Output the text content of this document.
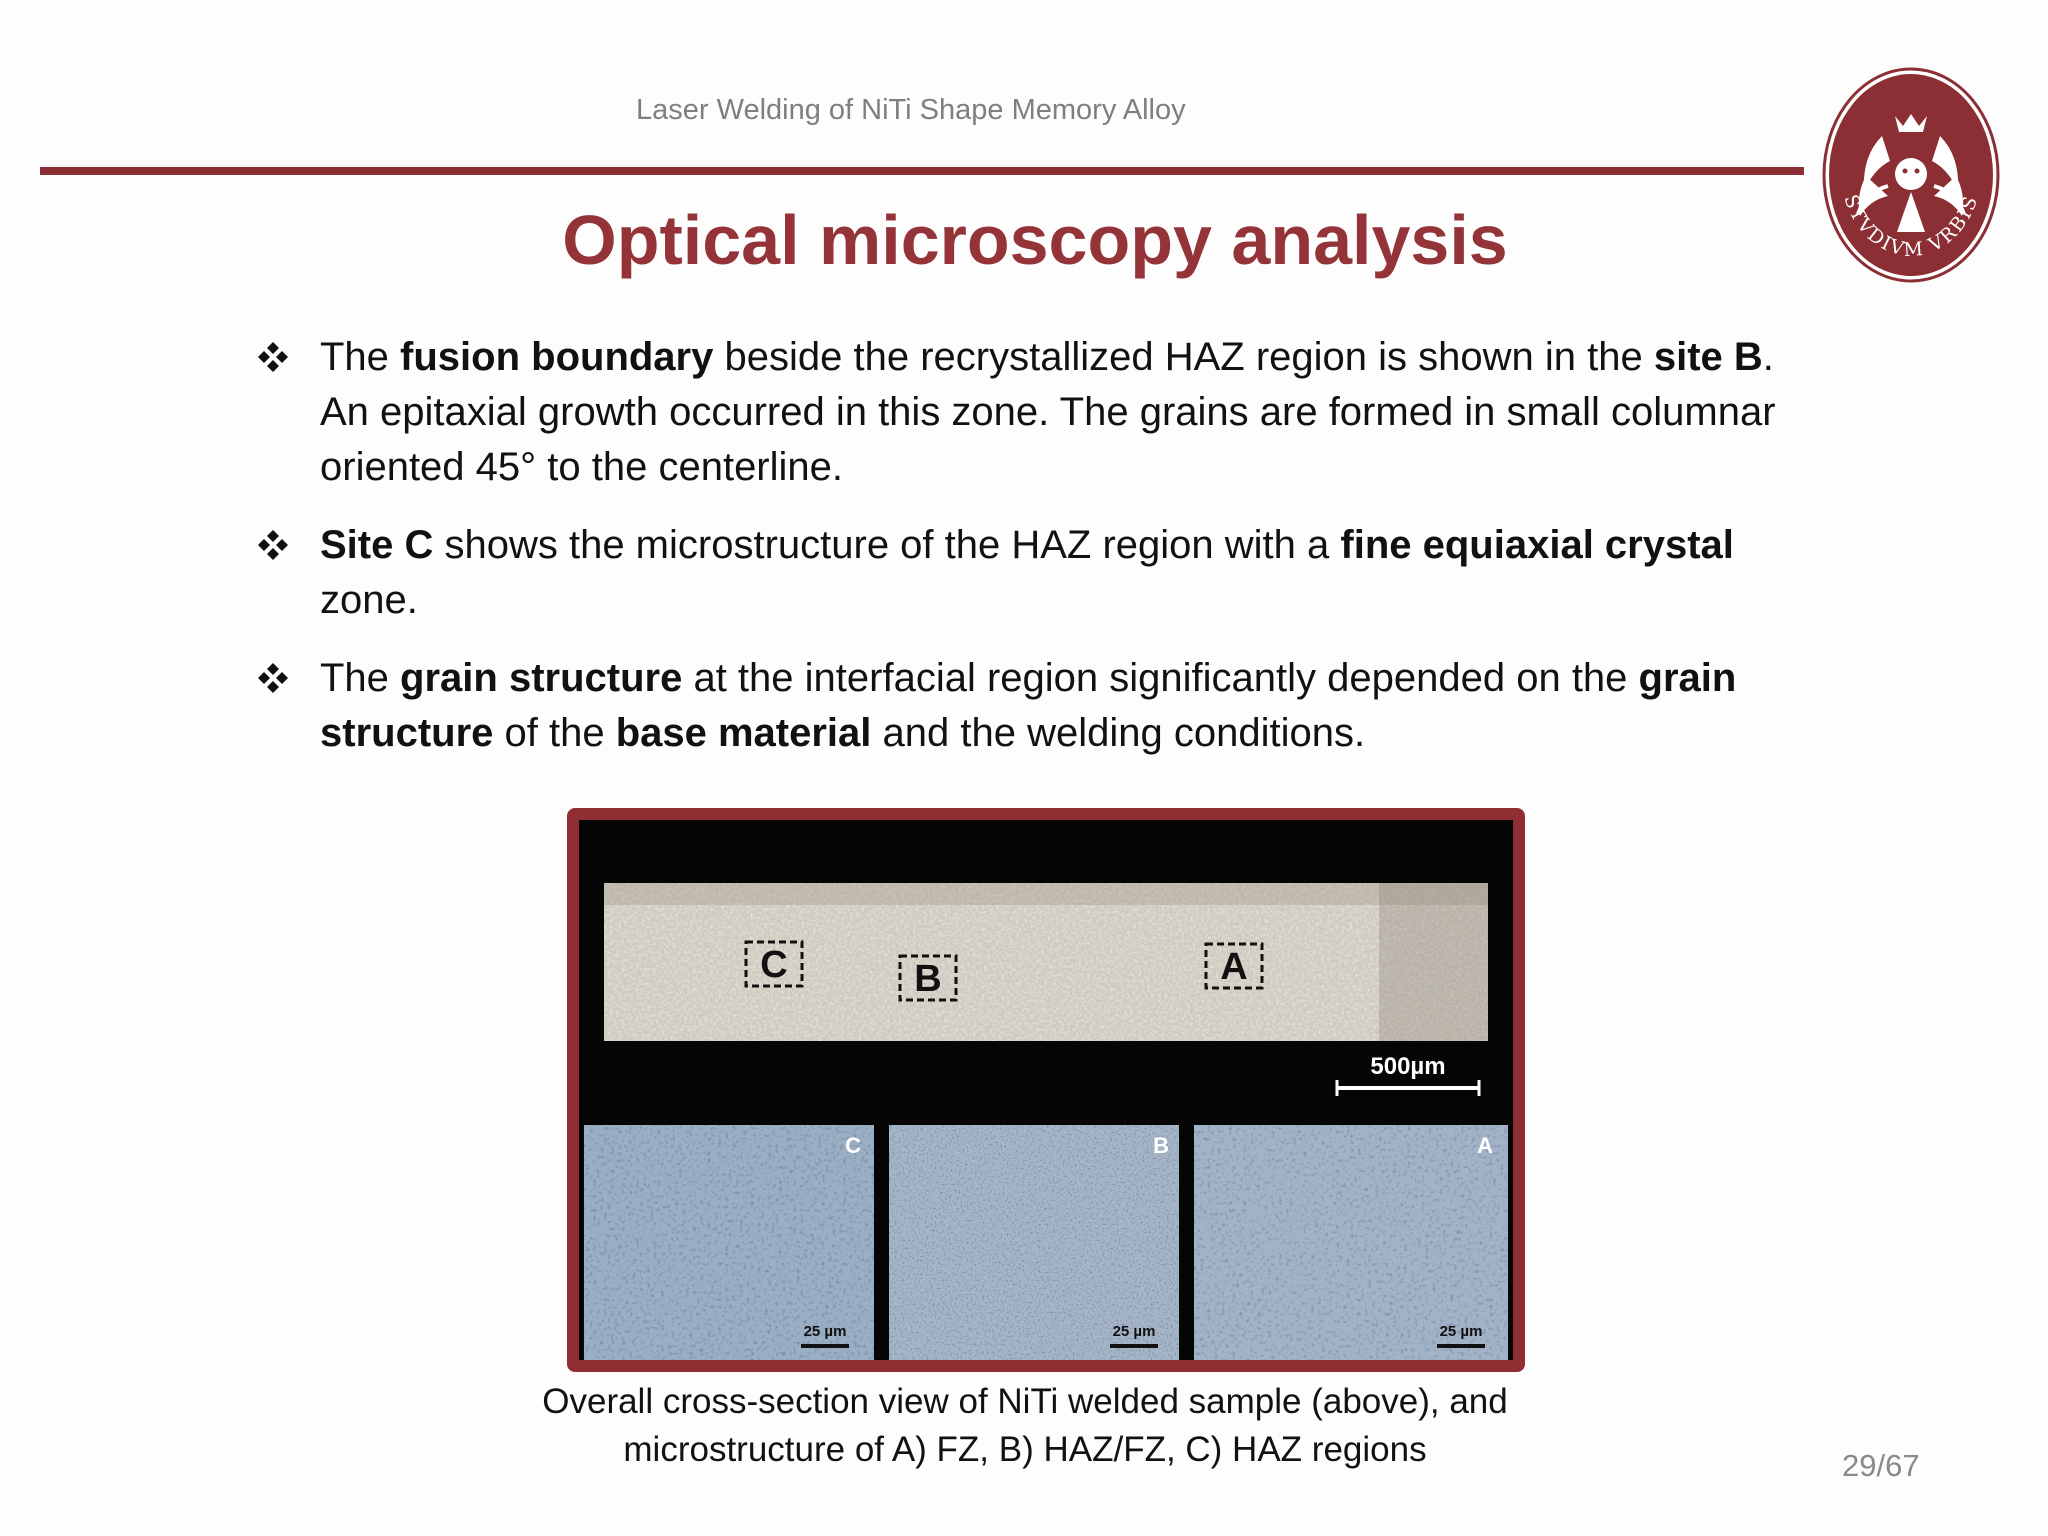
Laser Welding of NiTi Shape Memory Alloy
STVDIVM VRBIS
Optical microscopy analysis
The fusion boundary beside the recrystallized HAZ region is shown in the site B. An epitaxial growth occurred in this zone. The grains are formed in small columnar oriented 45° to the centerline.
Site C shows the microstructure of the HAZ region with a fine equiaxial crystal zone.
The grain structure at the interfacial region significantly depended on the grain structure of the base material and the welding conditions.
C	B	A
500µm
C
25 µm
B
25 µm
A
25 µm
Overall cross-section view of NiTi welded sample (above), and microstructure of A) FZ, B) HAZ/FZ, C) HAZ regions	29/67
